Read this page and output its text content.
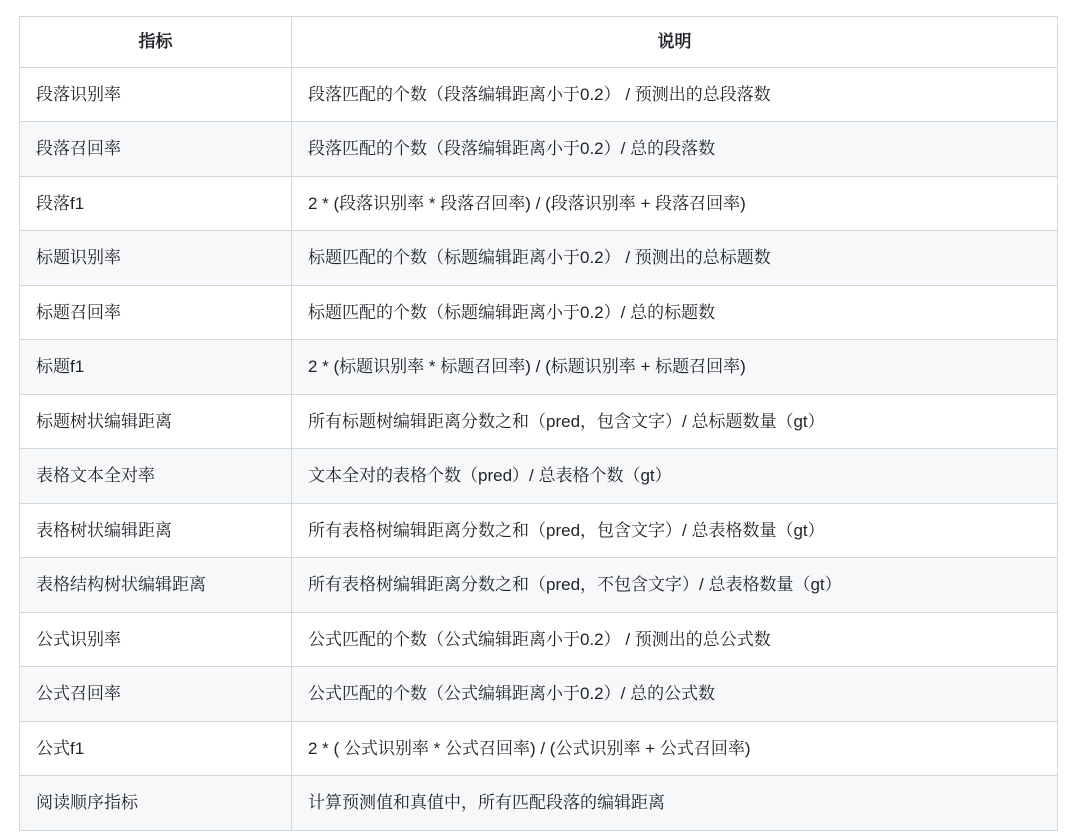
指标	说明
段落识别率	段落匹配的个数（段落编辑距离小于0.2） / 预测出的总段落数
段落召回率	段落匹配的个数（段落编辑距离小于0.2）/ 总的段落数
段落f1	2 * (段落识别率 * 段落召回率) / (段落识别率 + 段落召回率)
标题识别率	标题匹配的个数（标题编辑距离小于0.2） / 预测出的总标题数
标题召回率	标题匹配的个数（标题编辑距离小于0.2）/ 总的标题数
标题f1	2 * (标题识别率 * 标题召回率) / (标题识别率 + 标题召回率)
标题树状编辑距离	所有标题树编辑距离分数之和（pred，包含文字）/ 总标题数量（gt）
表格文本全对率	文本全对的表格个数（pred）/ 总表格个数（gt）
表格树状编辑距离	所有表格树编辑距离分数之和（pred，包含文字）/ 总表格数量（gt）
表格结构树状编辑距离	所有表格树编辑距离分数之和（pred，不包含文字）/ 总表格数量（gt）
公式识别率	公式匹配的个数（公式编辑距离小于0.2） / 预测出的总公式数
公式召回率	公式匹配的个数（公式编辑距离小于0.2）/ 总的公式数
公式f1	2 * ( 公式识别率 * 公式召回率) / (公式识别率 + 公式召回率)
阅读顺序指标	计算预测值和真值中，所有匹配段落的编辑距离
